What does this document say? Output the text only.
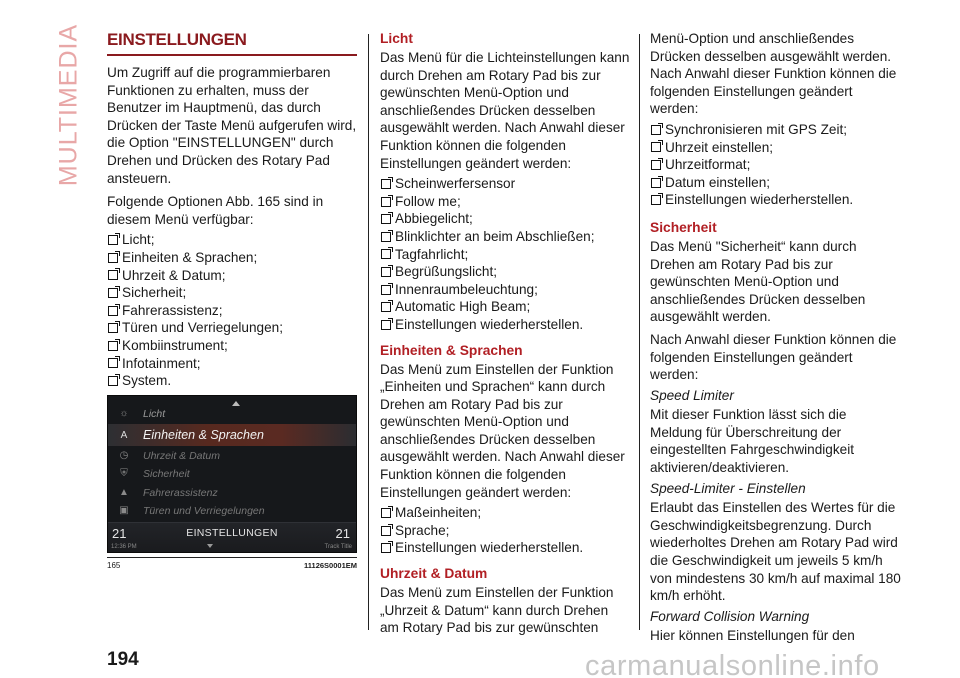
MULTIMEDIA EINSTELLUNGEN

Um Zugriff auf die programmierbaren Funktionen zu erhalten, muss der Benutzer im Hauptmenü, das durch Drücken der Taste Menü aufgerufen wird, die Option "EINSTELLUNGEN" durch Drehen und Drücken des Rotary Pad ansteuern.

Folgende Optionen Abb. 165 sind in diesem Menü verfügbar:

Licht;
Einheiten & Sprachen;
Uhrzeit & Datum;
Sicherheit;
Fahrerassistenz;
Türen und Verriegelungen;
Kombiinstrument;
Infotainment;
System.
☼ Licht
A Einheiten & Sprachen
◷ Uhrzeit & Datum
⛨	Sicherheit
▲ Fahrerassistenz
▣ Türen und Verriegelungen
21	EINSTELLUNGEN	21
12:36 PM	Track Title
165	11126S0001EM
Licht

Das Menü für die Lichteinstellungen kann durch Drehen am Rotary Pad bis zur gewünschten Menü-Option und anschließendes Drücken desselben ausgewählt werden. Nach Anwahl dieser Funktion können die folgenden Einstellungen geändert werden:

Scheinwerfersensor
Follow me;
Abbiegelicht;
Blinklichter an beim Abschließen;
Tagfahrlicht;
Begrüßungslicht;
Innenraumbeleuchtung;
Automatic High Beam;
Einstellungen wiederherstellen.
Einheiten & Sprachen

Das Menü zum Einstellen der Funktion „Einheiten und Sprachen“ kann durch Drehen am Rotary Pad bis zur gewünschten Menü-Option und anschließendes Drücken desselben ausgewählt werden. Nach Anwahl dieser Funktion können die folgenden Einstellungen geändert werden:

Maßeinheiten;
Sprache;
Einstellungen wiederherstellen.
Uhrzeit & Datum

Das Menü zum Einstellen der Funktion „Uhrzeit & Datum“ kann durch Drehen am Rotary Pad bis zur gewünschten

Menü-Option und anschließendes Drücken desselben ausgewählt werden. Nach Anwahl dieser Funktion können die folgenden Einstellungen geändert werden:

Synchronisieren mit GPS Zeit;
Uhrzeit einstellen;
Uhrzeitformat;
Datum einstellen;
Einstellungen wiederherstellen.
Sicherheit

Das Menü "Sicherheit“ kann durch Drehen am Rotary Pad bis zur gewünschten Menü-Option und anschließendes Drücken desselben ausgewählt werden.

Nach Anwahl dieser Funktion können die folgenden Einstellungen geändert werden:

Speed Limiter

Mit dieser Funktion lässt sich die Meldung für Überschreitung der eingestellten Fahrgeschwindigkeit aktivieren/deaktivieren.

Speed-Limiter - Einstellen

Erlaubt das Einstellen des Wertes für die Geschwindigkeitsbegrenzung. Durch wiederholtes Drehen am Rotary Pad wird die Geschwindigkeit um jeweils 5 km/h von mindestens 30 km/h auf maximal 180 km/h erhöht.

Forward Collision Warning

Hier können Einstellungen für den

194	carmanualsonline.info
